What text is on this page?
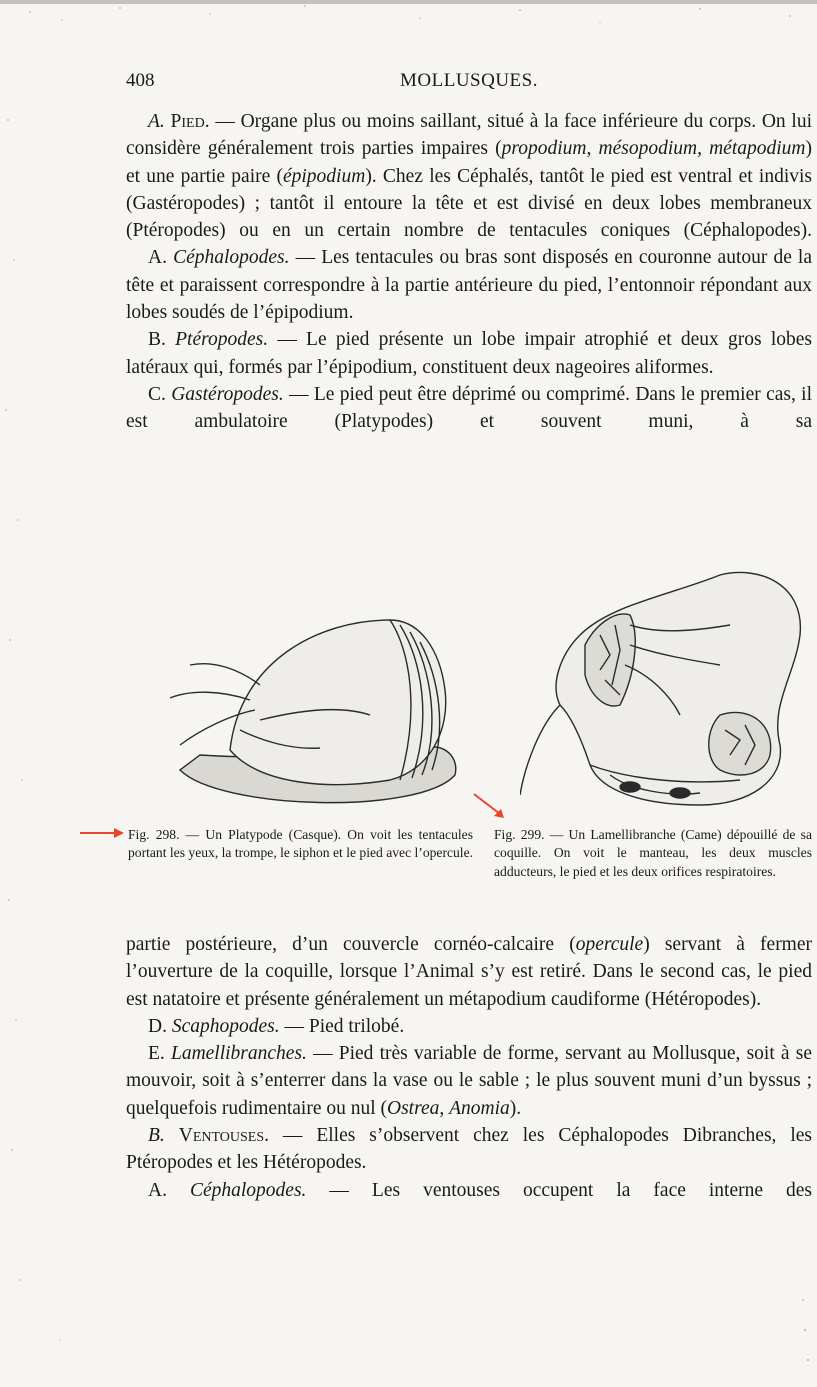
408	MOLLUSQUES.

A. Pied. — Organe plus ou moins saillant, situé à la face inférieure du corps. On lui considère généralement trois parties impaires (propodium, mésopodium, métapodium) et une partie paire (épipodium). Chez les Céphalés, tantôt le pied est ventral et indivis (Gastéropodes) ; tantôt il entoure la tête et est divisé en deux lobes membraneux (Ptéropodes) ou en un certain nombre de tentacules coniques (Céphalopodes).

A. Céphalopodes. — Les tentacules ou bras sont disposés en couronne autour de la tête et paraissent correspondre à la partie antérieure du pied, l’entonnoir répondant aux lobes soudés de l’épipodium.

B. Ptéropodes. — Le pied présente un lobe impair atrophié et deux gros lobes latéraux qui, formés par l’épipodium, constituent deux nageoires aliformes.

C. Gastéropodes. — Le pied peut être déprimé ou comprimé. Dans le premier cas, il est ambulatoire (Platypodes) et souvent muni, à sa

Fig. 298. — Un Platypode (Casque). On voit les tentacules portant les yeux, la trompe, le siphon et le pied avec l’opercule.

Fig. 299. — Un Lamellibranche (Came) dépouillé de sa coquille. On voit le manteau, les deux muscles adducteurs, le pied et les deux orifices respiratoires.

partie postérieure, d’un couvercle cornéo-calcaire (opercule) servant à fermer l’ouverture de la coquille, lorsque l’Animal s’y est retiré. Dans le second cas, le pied est natatoire et présente généralement un métapodium caudiforme (Hétéropodes).

D. Scaphopodes. — Pied trilobé.

E. Lamellibranches. — Pied très variable de forme, servant au Mollusque, soit à se mouvoir, soit à s’enterrer dans la vase ou le sable ; le plus souvent muni d’un byssus ; quelquefois rudimentaire ou nul (Ostrea, Anomia).

B. Ventouses. — Elles s’observent chez les Céphalopodes Dibranches, les Ptéropodes et les Hétéropodes.

A. Céphalopodes. — Les ventouses occupent la face interne des
